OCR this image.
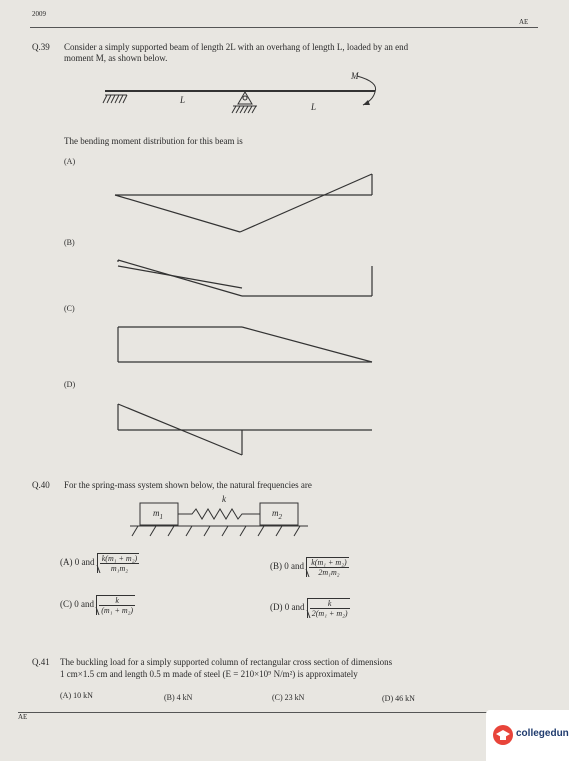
2009
AE
Q.39 Consider a simply supported beam of length 2L with an overhang of length L, loaded by an end
moment M, as shown below.
M
L
L
The bending moment distribution for this beam is
(A)
(B)
(C)
(D)
Q.40 For the spring-mass system shown below, the natural frequencies are
k
$m_1$	$m_2$
(A) 0 and $\frac{\text{k(m₁ + m₂)}}{\text{m₁m₂}}$	(B) 0 and $\frac{\text{k(m₁ + m₂)}}{\text{2m₁m₂}}$
(C) 0 and $\frac{k}{\text{(m₁ + m₂)}}$	(D) 0 and $\frac{k}{\text{2(m₁ + m₂)}}$
Q.41 The buckling load for a simply supported column of rectangular cross section of dimensions
1 cm×1.5 cm and length 0.5 m made of steel (E = 210×10⁹ N/m²) is approximately
(A) 10 kN	(B) 4 kN	(C) 23 kN	(D) 46 kN
AE
collegedun
